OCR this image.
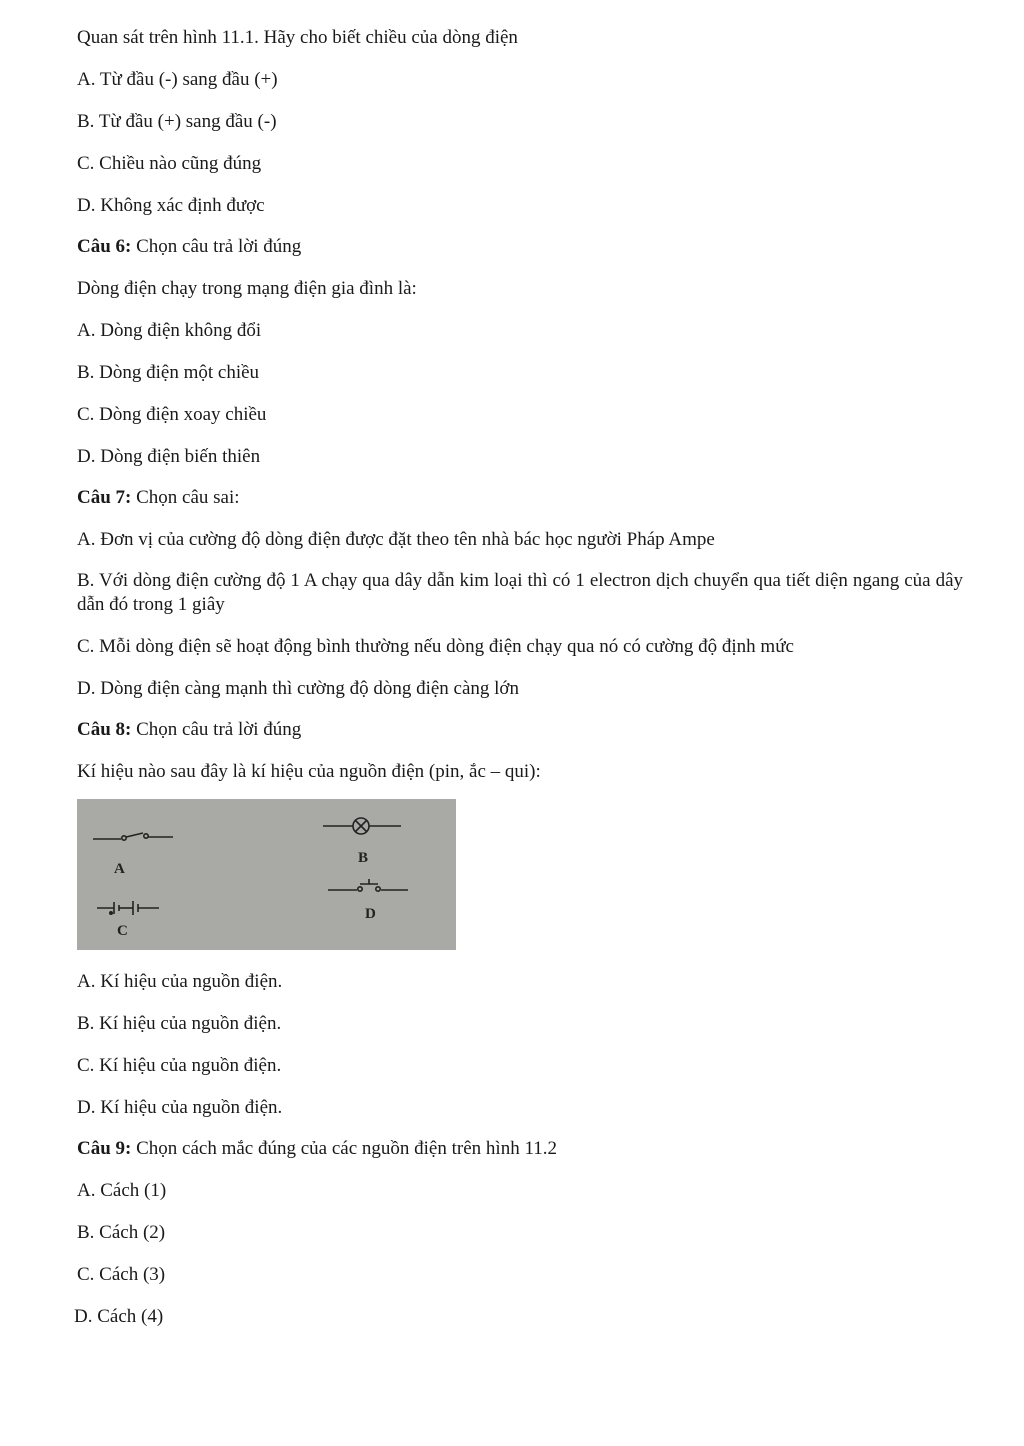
Quan sát trên hình 11.1. Hãy cho biết chiều của dòng điện
A. Từ đầu (-) sang đầu (+)
B. Từ đầu (+) sang đầu (-)
C. Chiều nào cũng đúng
D. Không xác định được
Câu 6: Chọn câu trả lời đúng
Dòng điện chạy trong mạng điện gia đình là:
A. Dòng điện không đổi
B. Dòng điện một chiều
C. Dòng điện xoay chiều
D. Dòng điện biến thiên
Câu 7: Chọn câu sai:
A. Đơn vị của cường độ dòng điện được đặt theo tên nhà bác học người Pháp Ampe
B. Với dòng điện cường độ 1 A chạy qua dây dẫn kim loại thì có 1 electron dịch chuyển qua tiết diện ngang của dây dẫn đó trong 1 giây
C. Mỗi dòng điện sẽ hoạt động bình thường nếu dòng điện chạy qua nó có cường độ định mức
D. Dòng điện càng mạnh thì cường độ dòng điện càng lớn
Câu 8: Chọn câu trả lời đúng
Kí hiệu nào sau đây là kí hiệu của nguồn điện (pin, ắc – qui):
A
B
C
D
A. Kí hiệu của nguồn điện.
B. Kí hiệu của nguồn điện.
C. Kí hiệu của nguồn điện.
D. Kí hiệu của nguồn điện.
Câu 9: Chọn cách mắc đúng của các nguồn điện trên hình 11.2
A. Cách (1)
B. Cách (2)
C. Cách (3)
D. Cách (4)
